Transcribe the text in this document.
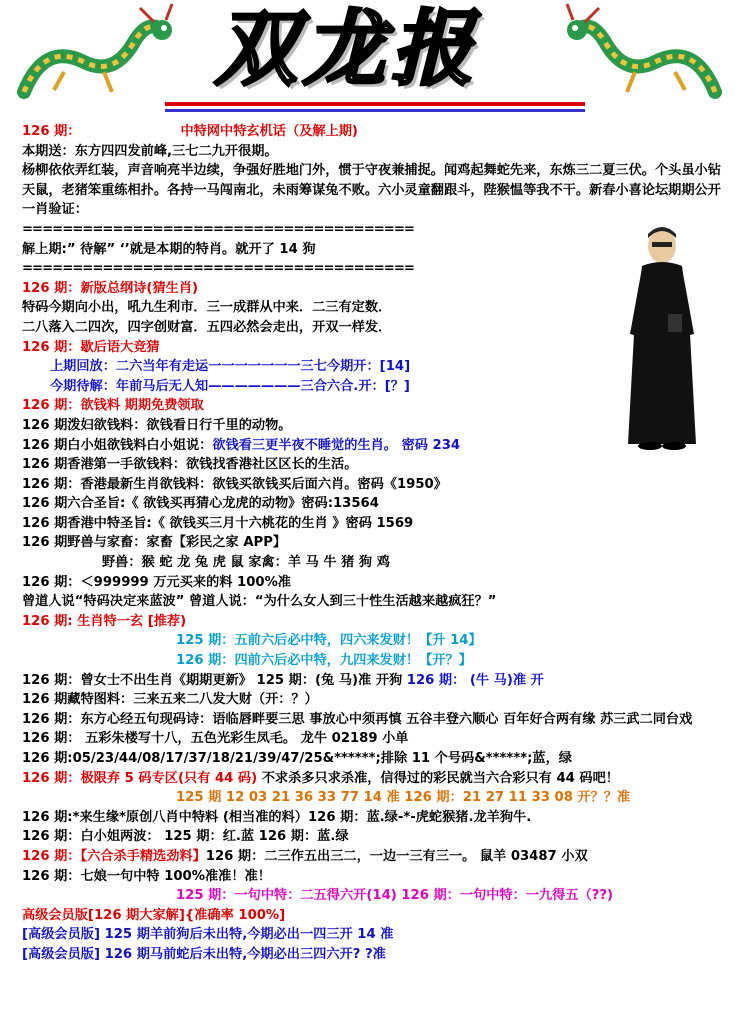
双龙报
126 期：	中特网中特玄机话（及解上期)
本期送：东方四四发前峰,三七二九开很期。
杨柳依依弄红装，声音响亮半边续，争强好胜地门外，惯于守夜兼捕捉。闻鸡起舞蛇先来，东炼三二夏三伏。个头虽小钻天鼠，老猪笨重练相扑。各持一马闯南北，未雨筹谋兔不败。六小灵童翻跟斗，陛猴愠等我不干。新春小喜论坛期期公开一肖验证：
=======================================
解上期:” 待解” ‘’就是本期的特肖。就开了 14 狗
=======================================
126 期：新版总纲诗(猜生肖)
特码今期向小出，吼九生利市．三一成群从中来．二三有定数．
二八落入二四次，四字创财富．五四必然会走出，开双一样发．
126 期：歇后语大竞猜
上期回放：二六当年有走运一一一一一一一三七今期开：[14]
今期待解：年前马后无人知———————三合六合.开：[？]
126 期：欲钱料 期期免费领取
126 期泼妇欲钱料：欲钱看日行千里的动物。
126 期白小姐欲钱料白小姐说：欲钱看三更半夜不睡觉的生肖。 密码 234
126 期香港第一手欲钱料：欲钱找香港社区区长的生活。
126 期：香港最新生肖欲钱料：欲钱买欲钱买后面六肖。密码《1950》
126 期六合圣旨:《 欲钱买再猜心龙虎的动物》密码:13564
126 期香港中特圣旨:《 欲钱买三月十六桃花的生肖 》密码 1569
126 期野兽与家畜：家畜【彩民之家 APP】
野兽：猴 蛇 龙 兔 虎 鼠 家禽：羊 马 牛 猪 狗 鸡
126 期：＜999999 万元买来的料 100%准
曾道人说“特码决定来蓝波” 曾道人说：“为什么女人到三十性生活越来越疯狂？”
126 期: 生肖特一玄 [推荐)
125 期：五前六后必中特，四六来发财！【升 14】
126 期：四前六后必中特，九四来发财！【开？】
126 期：曾女士不出生肖《期期更新》 125 期：(兔 马)准 开狗 126 期： (牛 马)准 开
126 期藏特图料：三来五来二八发大财（开：？）
126 期：东方心经五句现码诗：语临唇畔要三思 事放心中须再慎 五谷丰登六顺心 百年好合两有缘 苏三武二同台戏
126 期： 五彩朱楼写十八，五色光彩生凤毛。 龙牛 02189 小单
126 期:05/23/44/08/17/37/18/21/39/47/25&******;排除 11 个号码&******;蓝，绿
126 期：极限弃 5 码专区(只有 44 码) 不求杀多只求杀准，信得过的彩民就当六合彩只有 44 码吧！
125 期 12 03 21 36 33 77 14 准 126 期：21 27 11 33 08 开？？准
126 期:*来生缘*原创八肖中特料 (相当准的料）126 期：蓝.绿-*-虎蛇猴猪.龙羊狗牛.
126 期：白小姐两波： 125 期：红.蓝 126 期：蓝.绿
126 期：【六合杀手精选劲料】126 期：二三作五出三二，一边一三有三一。 鼠羊 03487 小双
126 期：七娘一句中特 100%准准！准！
125 期：一句中特：二五得六开(14) 126 期：一句中特：一九得五（??)
高级会员版[126 期大家解]{准确率 100%]
[高级会员版] 125 期羊前狗后未出特,今期必出一四三开 14 准
[高级会员版] 126 期马前蛇后未出特,今期必出三四六开? ?准
